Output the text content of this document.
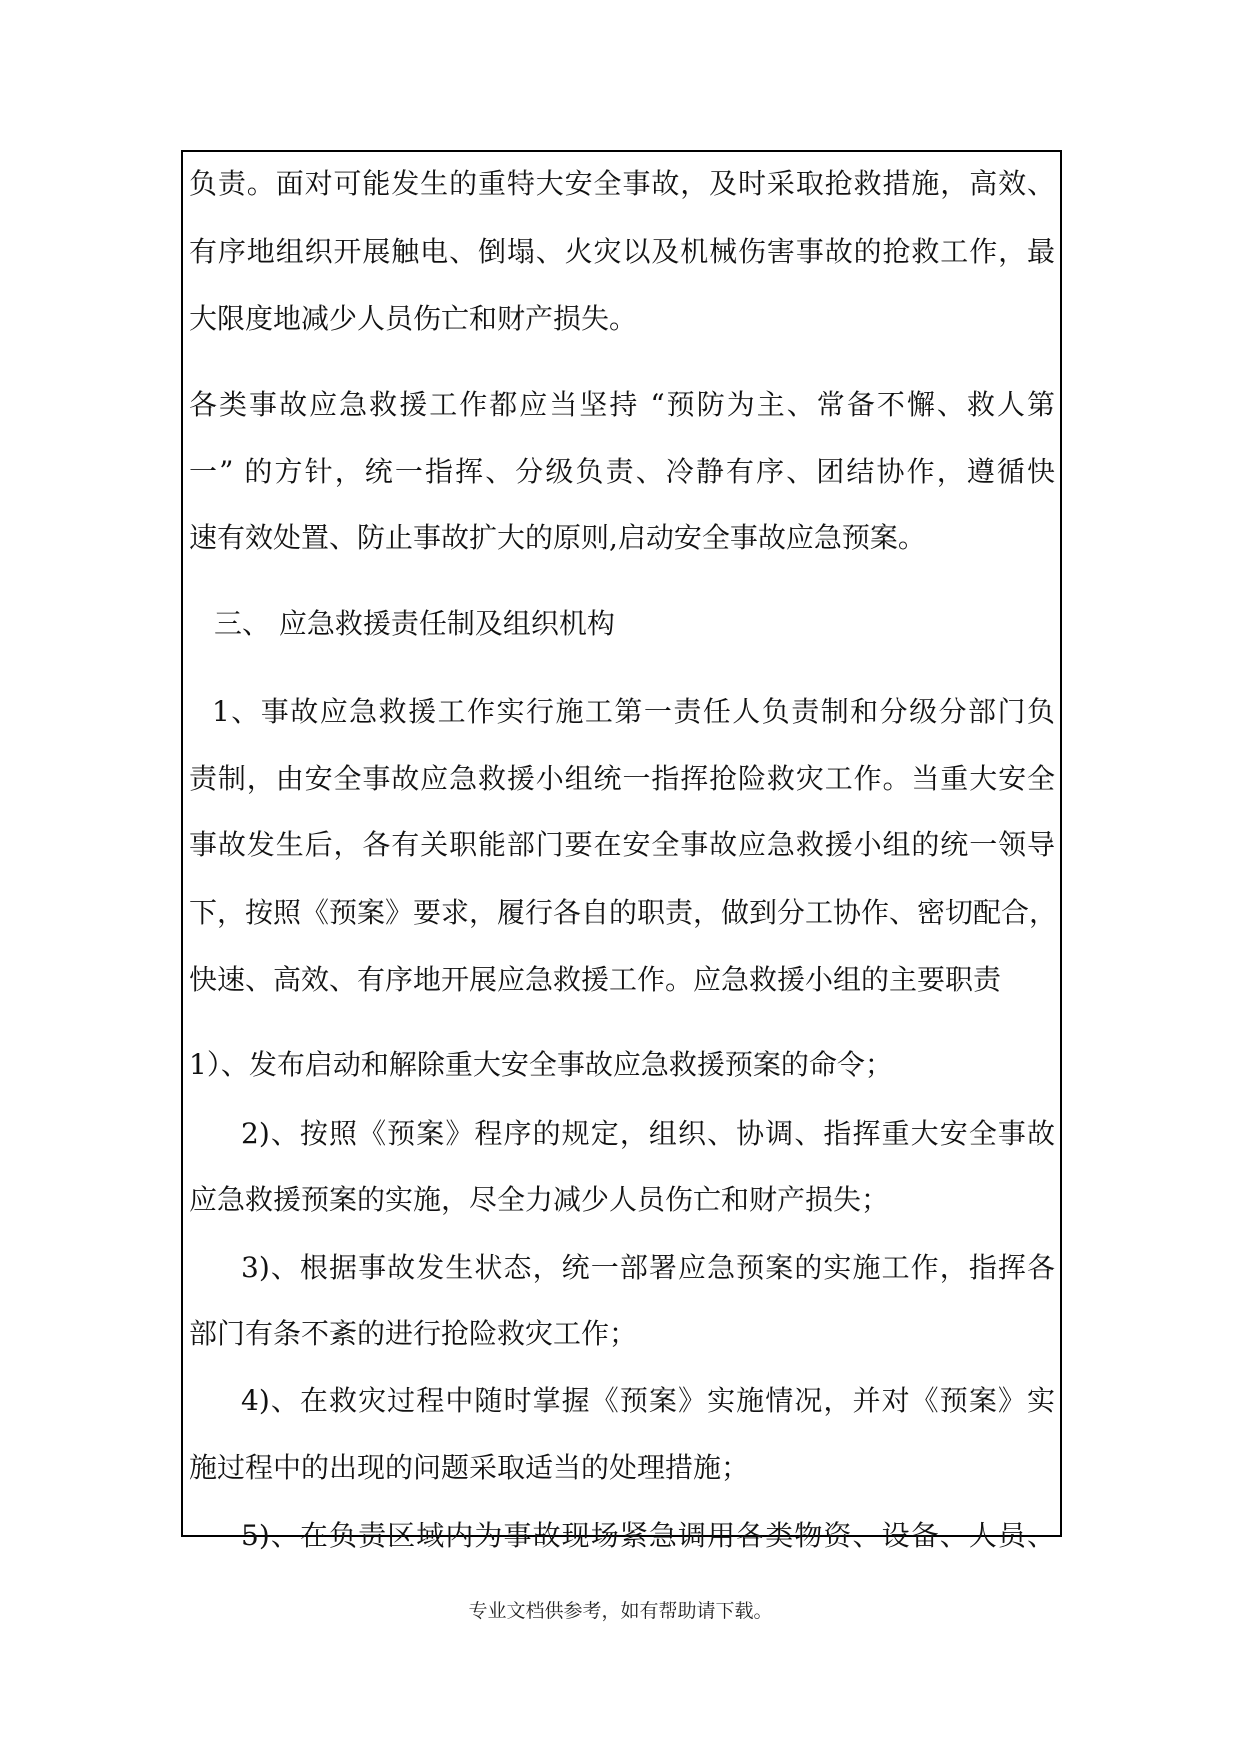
负责。面对可能发生的重特大安全事故，及时采取抢救措施，高效、
有序地组织开展触电、倒塌、火灾以及机械伤害事故的抢救工作，最
大限度地减少人员伤亡和财产损失。
各类事故应急救援工作都应当坚持 “预防为主、常备不懈、救人第
一” 的方针，统一指挥、分级负责、冷静有序、团结协作，遵循快
速有效处置、防止事故扩大的原则,启动安全事故应急预案。
三、 应急救援责任制及组织机构
1、事故应急救援工作实行施工第一责任人负责制和分级分部门负
责制，由安全事故应急救援小组统一指挥抢险救灾工作。当重大安全
事故发生后，各有关职能部门要在安全事故应急救援小组的统一领导
下，按照《预案》要求，履行各自的职责，做到分工协作、密切配合，
快速、高效、有序地开展应急救援工作。应急救援小组的主要职责
1）、发布启动和解除重大安全事故应急救援预案的命令；
2)、按照《预案》程序的规定，组织、协调、指挥重大安全事故
应急救援预案的实施，尽全力减少人员伤亡和财产损失；
3)、根据事故发生状态，统一部署应急预案的实施工作，指挥各
部门有条不紊的进行抢险救灾工作；
4)、在救灾过程中随时掌握《预案》实施情况，并对《预案》实
施过程中的出现的问题采取适当的处理措施；
5)、在负责区域内为事故现场紧急调用各类物资、设备、人员、
专业文档供参考，如有帮助请下载。
